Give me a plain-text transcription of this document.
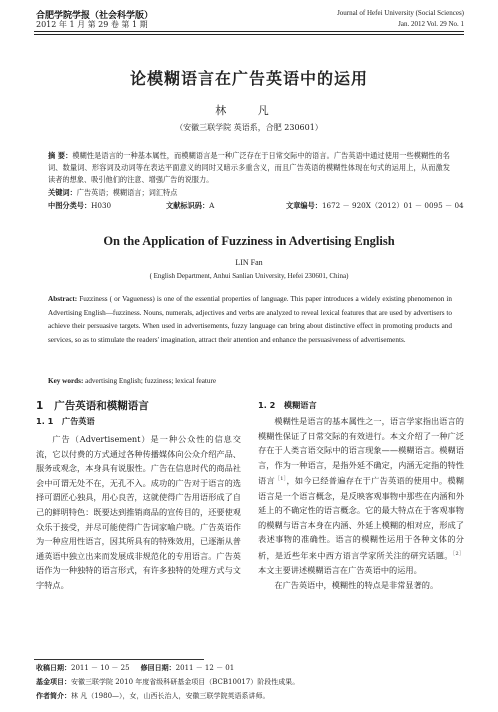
合肥学院学报（社会科学版）
2012 年 1 月 第 29 卷 第 1 期
Journal of Hefei University (Social Sciences)
Jan. 2012 Vol. 29 No. 1
论模糊语言在广告英语中的运用
林 凡
（安徽三联学院 英语系，合肥 230601）
摘 要：模糊性是语言的一种基本属性，而模糊语言是一种广泛存在于日常交际中的语言。广告英语中通过使用一些模糊性的名词、数量词、形容词及动词等在表达平面意义的同时又暗示多重含义，而且广告英语的模糊性体现在句式的运用上，从而激发读者的想象、吸引他们的注意、增强广告的说服力。
关键词：广告英语；模糊语言；词汇特点
中图分类号：H030	文献标识码：A	文章编号：1672 － 920X（2012）01 － 0095 － 04
On the Application of Fuzziness in Advertising English
LIN Fan
( English Department, Anhui Sanlian University, Hefei 230601, China)
Abstract: Fuzziness ( or Vagueness) is one of the essential properties of language. This paper introduces a widely existing phenomenon in Advertising English—fuzziness. Nouns, numerals, adjectives and verbs are analyzed to reveal lexical features that are used by advertisers to achieve their persuasive targets. When used in advertisements, fuzzy language can bring about distinctive effect in promoting products and services, so as to stimulate the readers' imagination, attract their attention and enhance the persuasiveness of advertisements.
Key words: advertising English; fuzziness; lexical feature
1 广告英语和模糊语言
1. 1 广告英语

广告（Advertisement）是一种公众性的信息交流，它以付费的方式通过各种传播媒体向公众介绍产品、服务或观念，本身具有说服性。广告在信息时代的商品社会中可谓无处不在，无孔不入。成功的广告对于语言的选择可谓匠心独具，用心良苦，这就使得广告用语形成了自己的鲜明特色：既要达到推销商品的宣传目的，还要使观众乐于接受，并尽可能使得广告词家喻户晓。广告英语作为一种应用性语言，因其所具有的特殊效用，已逐渐从普通英语中独立出来而发展成非规范化的专用语言。广告英语作为一种独特的语言形式，有许多独特的处理方式与文字特点。

1. 2 模糊语言

模糊性是语言的基本属性之一，语言学家指出语言的模糊性保证了日常交际的有效进行。本文介绍了一种广泛存在于人类言语交际中的语言现象——模糊语言。模糊语言，作为一种语言，是指外延不确定，内涵无定指的特性语言$^{[1]}$，如今已经普遍存在于广告英语的使用中。模糊语言是一个语言概念，是反映客观事物中那些在内涵和外延上的不确定性的语言概念。它的最大特点在于客观事物的模糊与语言本身在内涵、外延上模糊的相对应，形成了表述事物的准确性。语言的模糊性运用于各种文体的分析，是近些年来中西方语言学家所关注的研究话题。$^{[2]}$本文主要讲述模糊语言在广告英语中的运用。

在广告英语中，模糊性的特点是非常显著的。

收稿日期：2011 － 10 － 25 修回日期：2011 － 12 － 01
基金项目：安徽三联学院 2010 年度省级科研基金项目（BCB10017）阶段性成果。
作者简介：林 凡（1980—），女，山西长治人，安徽三联学院英语系讲师。
